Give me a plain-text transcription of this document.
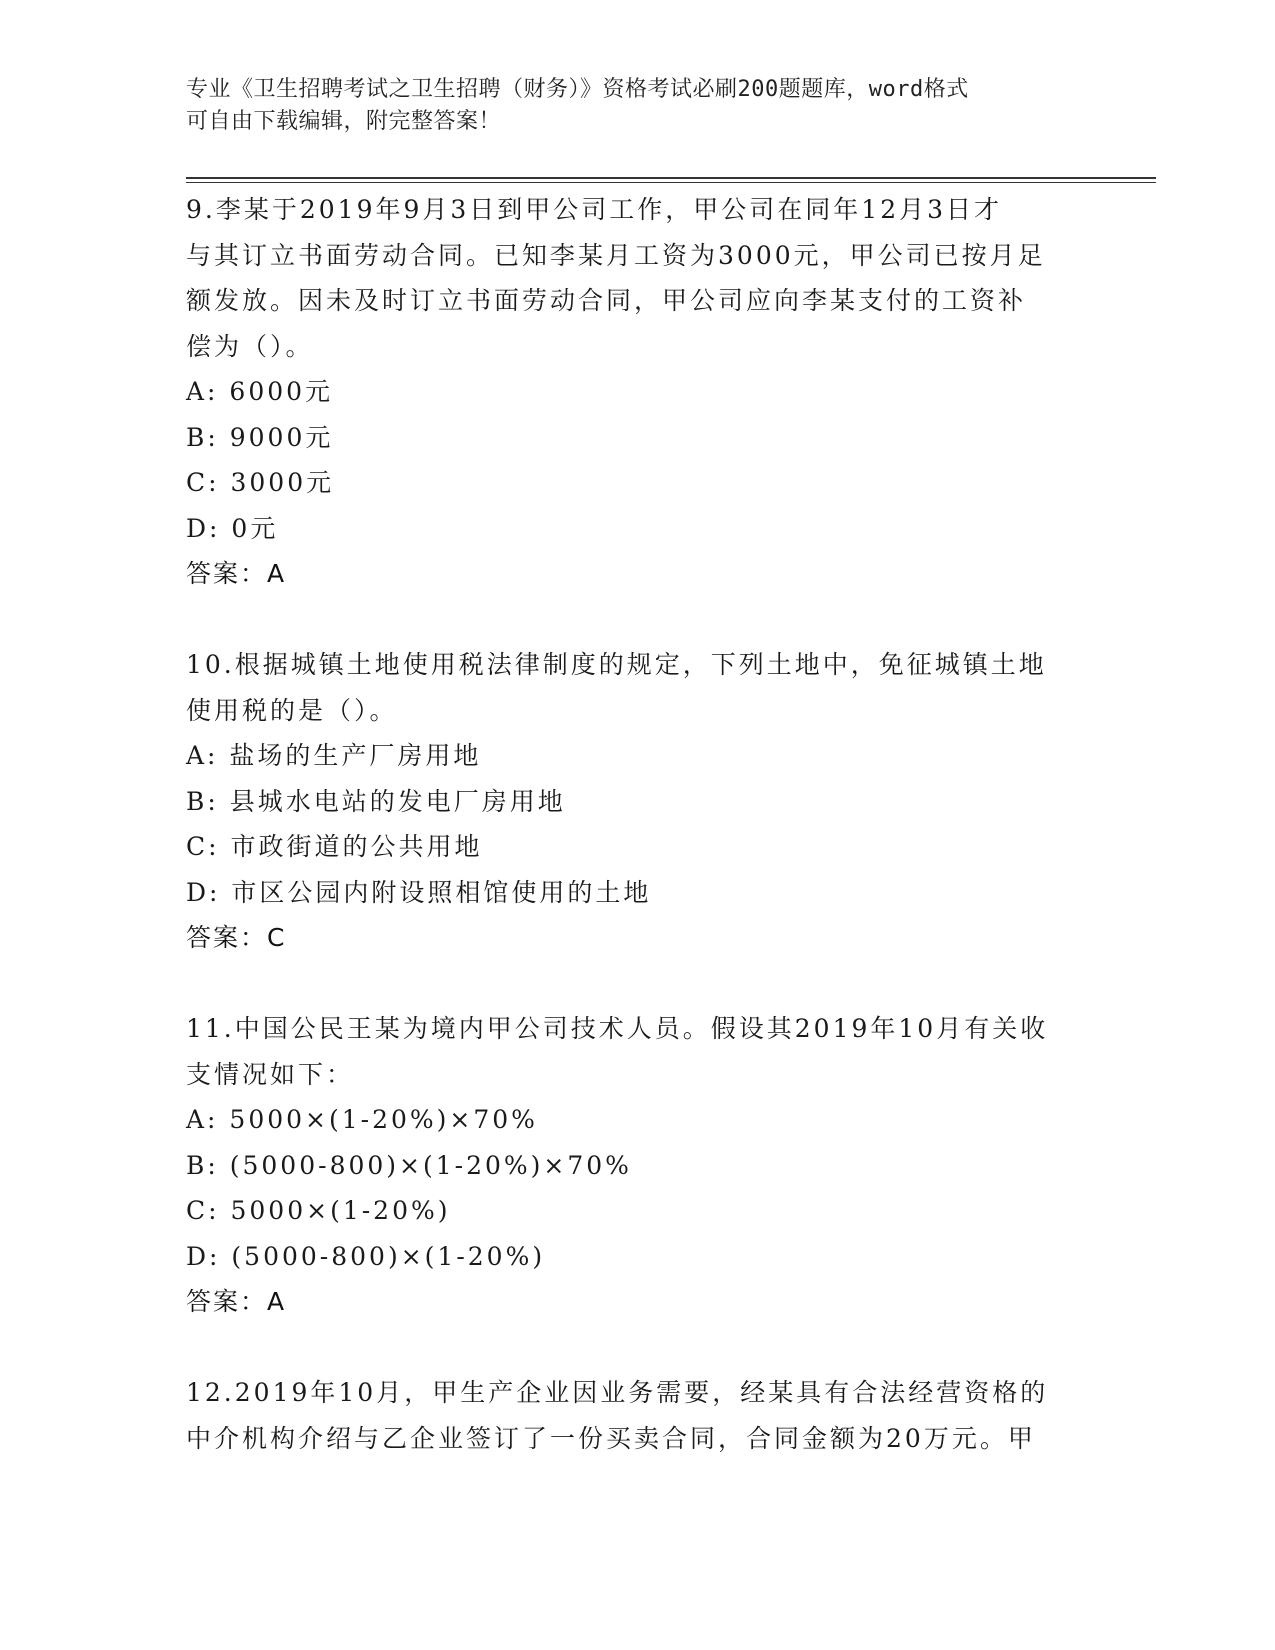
专业《卫生招聘考试之卫生招聘（财务）》资格考试必刷200题题库，word格式
可自由下载编辑，附完整答案！
9.李某于2019年9月3日到甲公司工作，甲公司在同年12月3日才
与其订立书面劳动合同。已知李某月工资为3000元，甲公司已按月足
额发放。因未及时订立书面劳动合同，甲公司应向李某支付的工资补
偿为（）。
A: 6000元
B: 9000元
C: 3000元
D: 0元
答案：A
10.根据城镇土地使用税法律制度的规定，下列土地中，免征城镇土地
使用税的是（）。
A: 盐场的生产厂房用地
B: 县城水电站的发电厂房用地
C: 市政街道的公共用地
D: 市区公园内附设照相馆使用的土地
答案：C
11.中国公民王某为境内甲公司技术人员。假设其2019年10月有关收
支情况如下：
A: 5000×(1-20%)×70%
B: (5000-800)×(1-20%)×70%
C: 5000×(1-20%)
D: (5000-800)×(1-20%)
答案：A
12.2019年10月，甲生产企业因业务需要，经某具有合法经营资格的
中介机构介绍与乙企业签订了一份买卖合同，合同金额为20万元。甲
